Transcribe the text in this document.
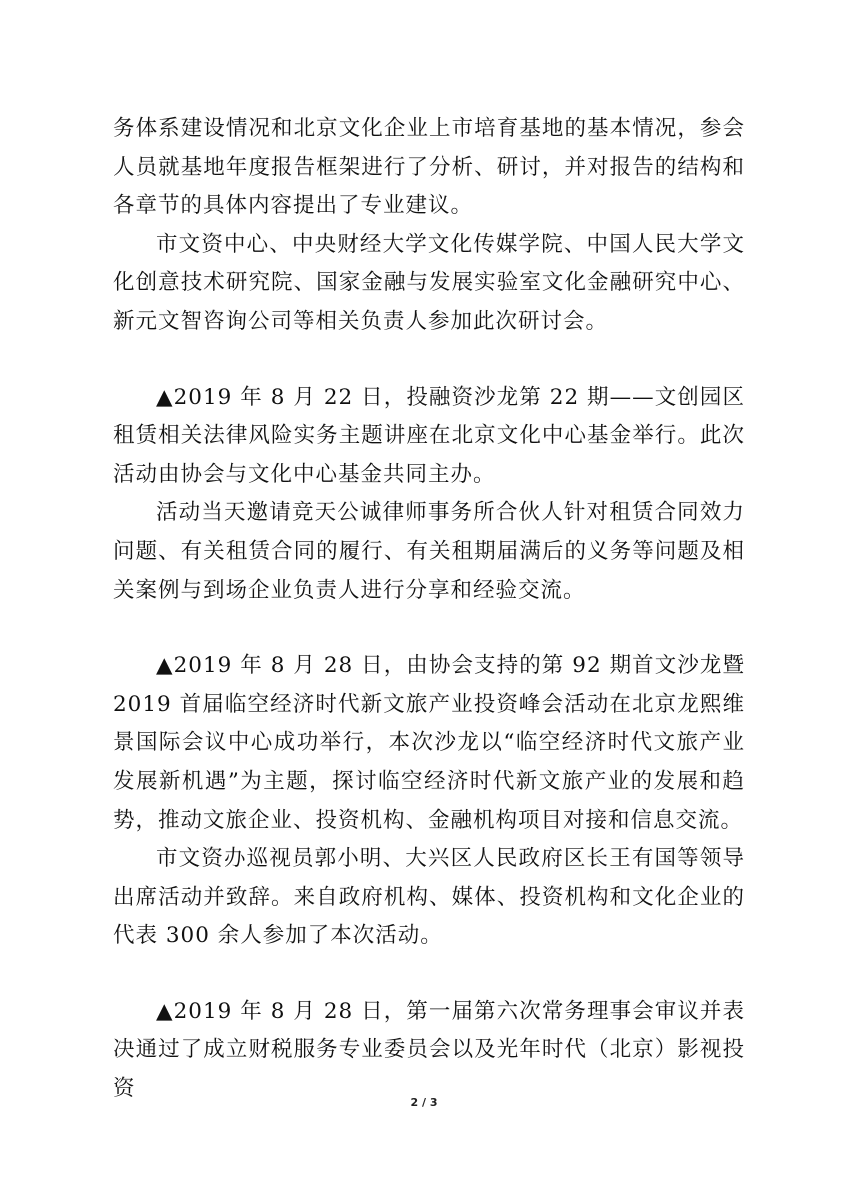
务体系建设情况和北京文化企业上市培育基地的基本情况，参会人员就基地年度报告框架进行了分析、研讨，并对报告的结构和各章节的具体内容提出了专业建议。

市文资中心、中央财经大学文化传媒学院、中国人民大学文化创意技术研究院、国家金融与发展实验室文化金融研究中心、新元文智咨询公司等相关负责人参加此次研讨会。

▲2019 年 8 月 22 日，投融资沙龙第 22 期——文创园区租赁相关法律风险实务主题讲座在北京文化中心基金举行。此次活动由协会与文化中心基金共同主办。

活动当天邀请竞天公诚律师事务所合伙人针对租赁合同效力问题、有关租赁合同的履行、有关租期届满后的义务等问题及相关案例与到场企业负责人进行分享和经验交流。

▲2019 年 8 月 28 日，由协会支持的第 92 期首文沙龙暨 2019 首届临空经济时代新文旅产业投资峰会活动在北京龙熙维景国际会议中心成功举行，本次沙龙以“临空经济时代文旅产业发展新机遇”为主题，探讨临空经济时代新文旅产业的发展和趋势，推动文旅企业、投资机构、金融机构项目对接和信息交流。

市文资办巡视员郭小明、大兴区人民政府区长王有国等领导出席活动并致辞。来自政府机构、媒体、投资机构和文化企业的代表 300 余人参加了本次活动。

▲2019 年 8 月 28 日，第一届第六次常务理事会审议并表决通过了成立财税服务专业委员会以及光年时代（北京）影视投资

2 / 3
